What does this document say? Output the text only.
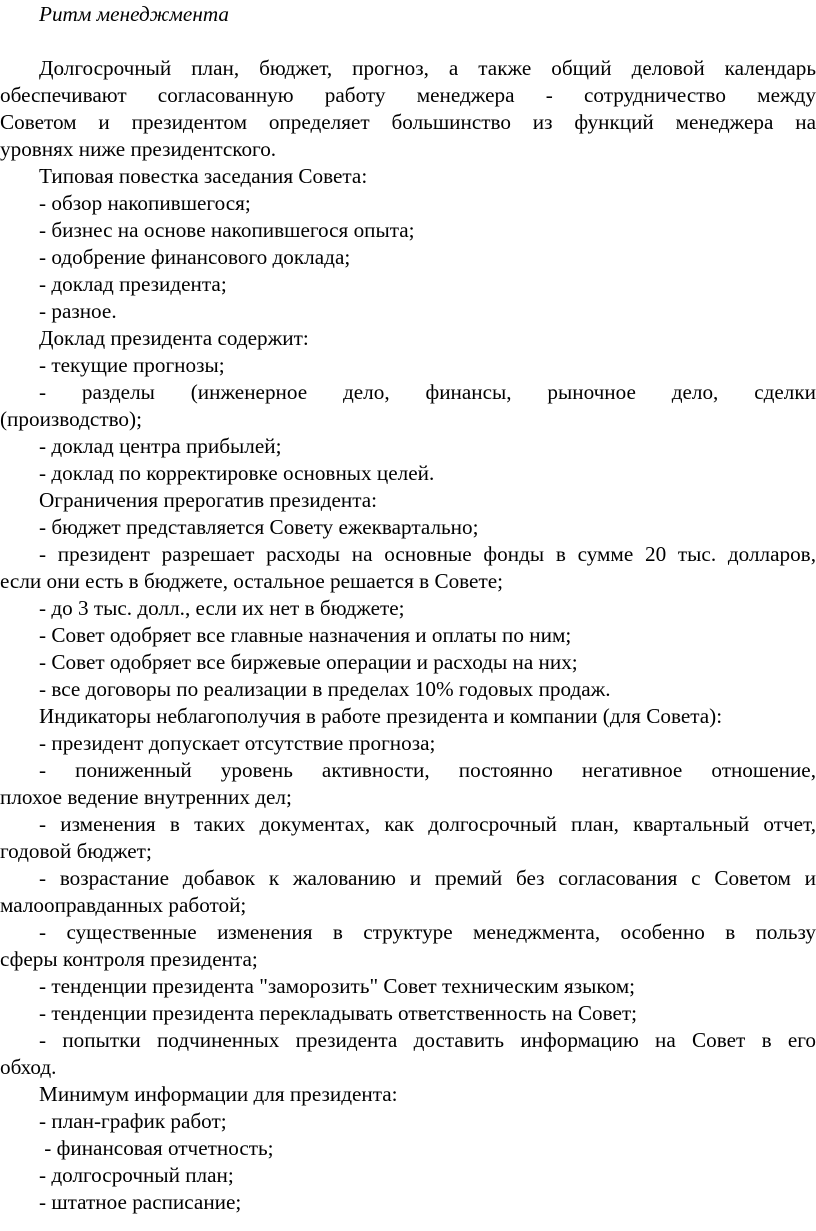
Ритм менеджмента
Долгосрочный план, бюджет, прогноз, а также общий деловой календарь
обеспечивают согласованную работу менеджера - сотрудничество между
Советом и президентом определяет большинство из функций менеджера на
уровнях ниже президентского.
Типовая повестка заседания Совета:
- обзор накопившегося;
- бизнес на основе накопившегося опыта;
- одобрение финансового доклада;
- доклад президента;
- разное.
Доклад президента содержит:
- текущие прогнозы;
- разделы (инженерное дело, финансы, рыночное дело, сделки
(производство);
- доклад центра прибылей;
- доклад по корректировке основных целей.
Ограничения прерогатив президента:
- бюджет представляется Совету ежеквартально;
- президент разрешает расходы на основные фонды в сумме 20 тыс. долларов,
если они есть в бюджете, остальное решается в Совете;
- до 3 тыс. долл., если их нет в бюджете;
- Совет одобряет все главные назначения и оплаты по ним;
- Совет одобряет все биржевые операции и расходы на них;
- все договоры по реализации в пределах 10% годовых продаж.
Индикаторы неблагополучия в работе президента и компании (для Совета):
- президент допускает отсутствие прогноза;
- пониженный уровень активности, постоянно негативное отношение,
плохое ведение внутренних дел;
- изменения в таких документах, как долгосрочный план, квартальный отчет,
годовой бюджет;
- возрастание добавок к жалованию и премий без согласования с Советом и
малооправданных работой;
- существенные изменения в структуре менеджмента, особенно в пользу
сферы контроля президента;
- тенденции президента "заморозить" Совет техническим языком;
- тенденции президента перекладывать ответственность на Совет;
- попытки подчиненных президента доставить информацию на Совет в его
обход.
Минимум информации для президента:
- план-график работ;
- финансовая отчетность;
- долгосрочный план;
- штатное расписание;
